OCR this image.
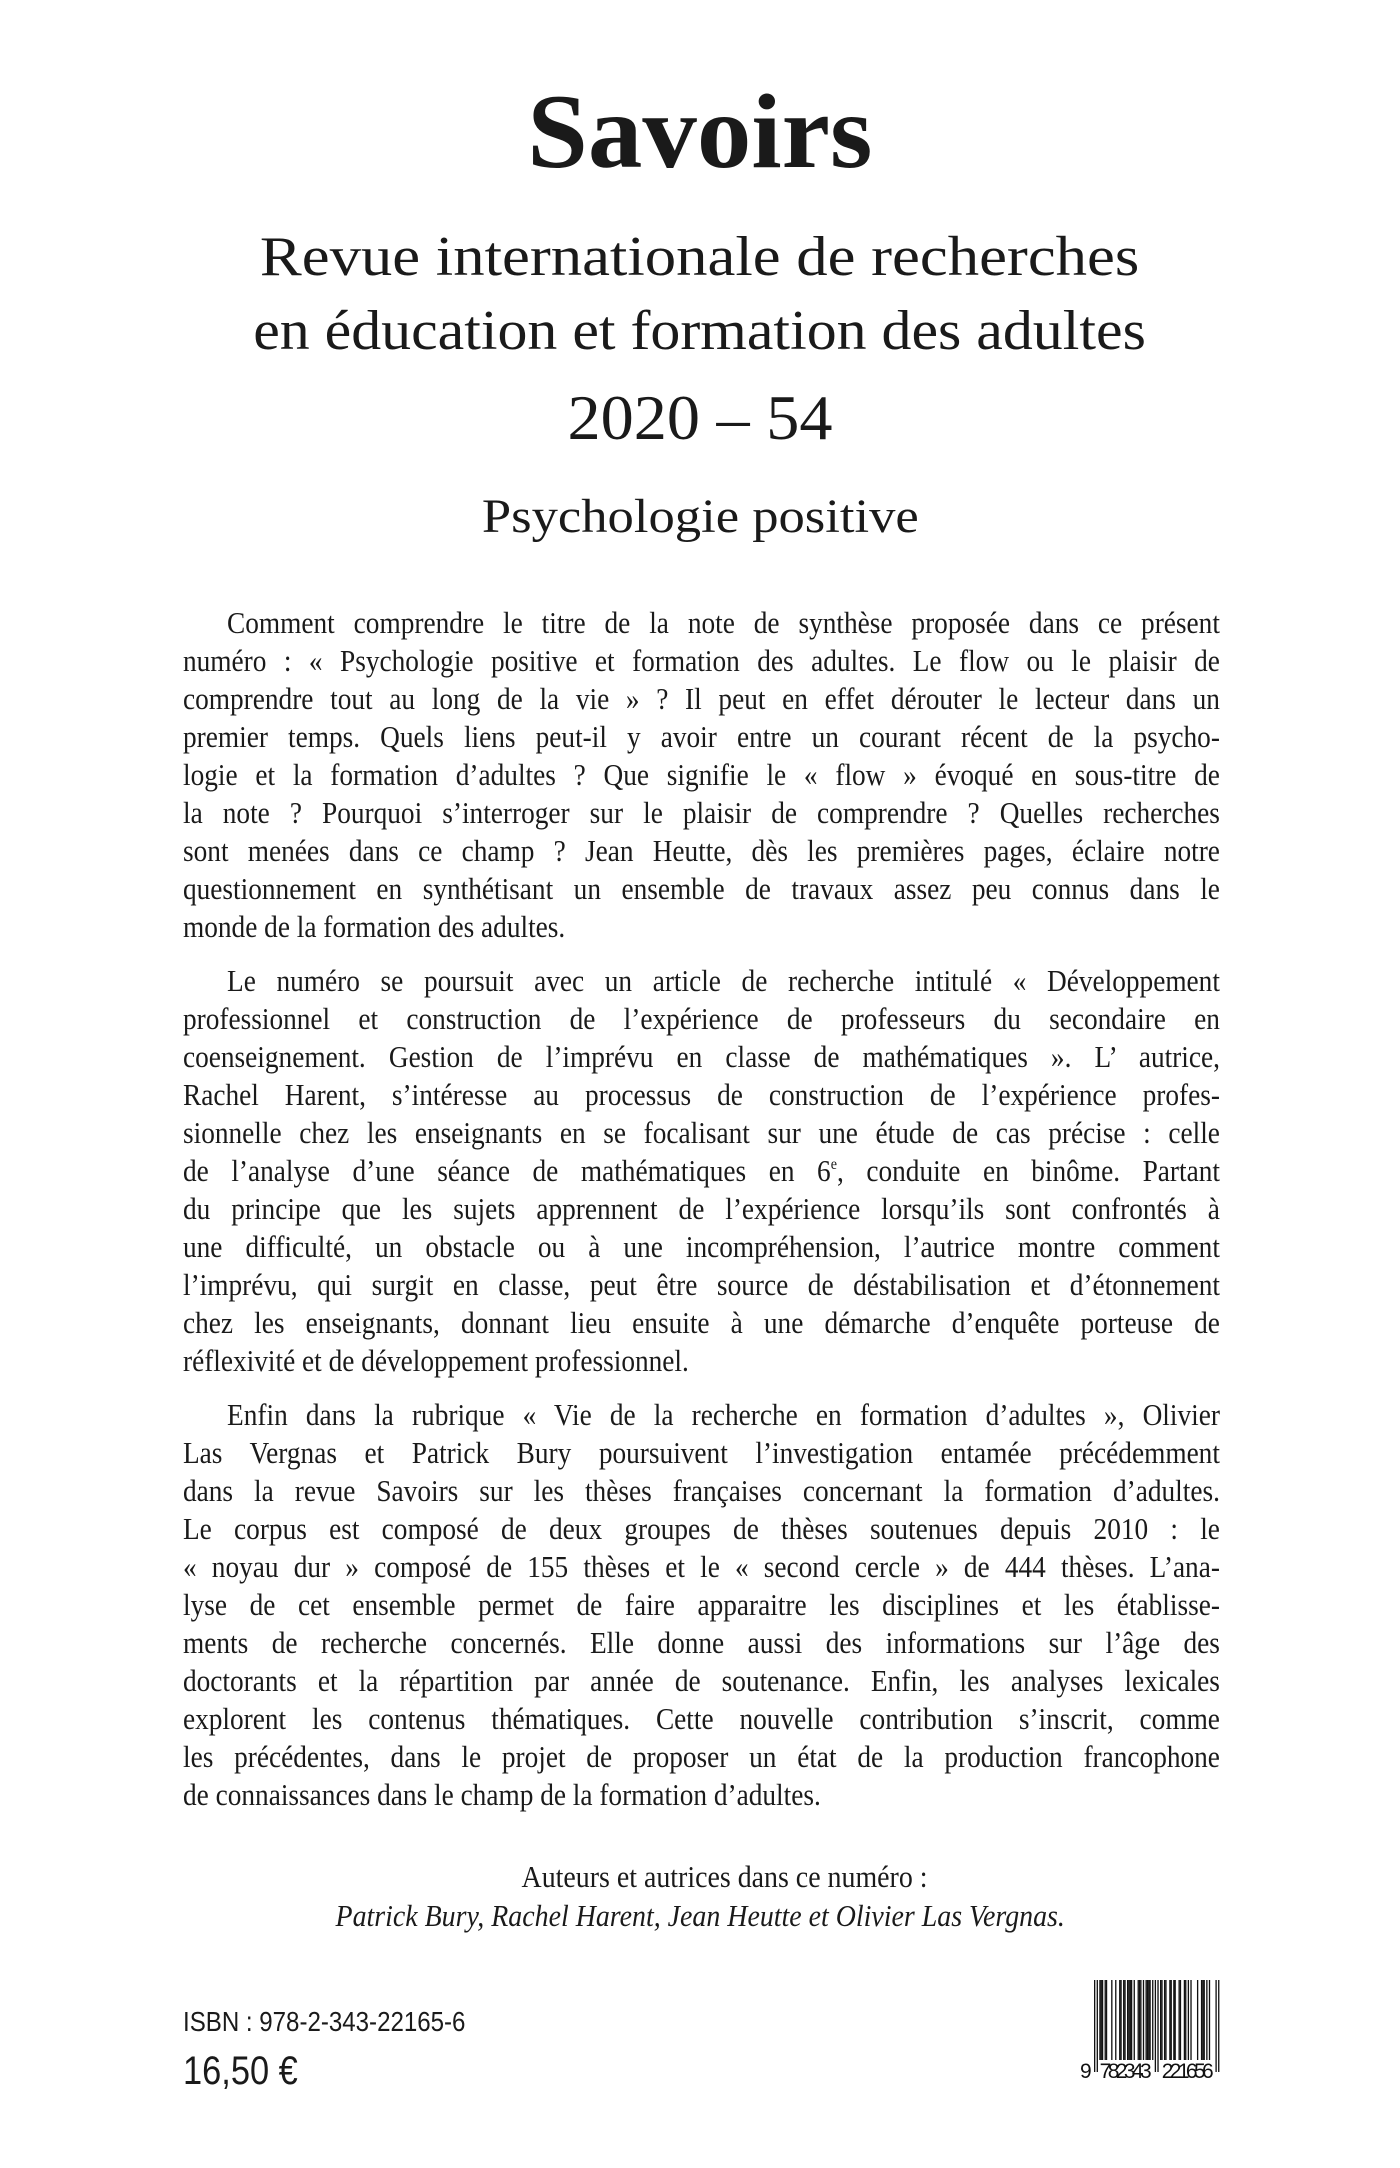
Savoirs
Revue internationale de recherches
en éducation et formation des adultes
2020 – 54
Psychologie positive
Comment comprendre le titre de la note de synthèse proposée dans ce présent
numéro : « Psychologie positive et formation des adultes. Le flow ou le plaisir de
comprendre tout au long de la vie » ? Il peut en effet dérouter le lecteur dans un
premier temps. Quels liens peut-il y avoir entre un courant récent de la psycho-
logie et la formation d’adultes ? Que signifie le « flow » évoqué en sous-titre de
la note ? Pourquoi s’interroger sur le plaisir de comprendre ? Quelles recherches
sont menées dans ce champ ? Jean Heutte, dès les premières pages, éclaire notre
questionnement en synthétisant un ensemble de travaux assez peu connus dans le
monde de la formation des adultes.
Le numéro se poursuit avec un article de recherche intitulé « Développement
professionnel et construction de l’expérience de professeurs du secondaire en
coenseignement. Gestion de l’imprévu en classe de mathématiques ». L’ autrice,
Rachel Harent, s’intéresse au processus de construction de l’expérience profes-
sionnelle chez les enseignants en se focalisant sur une étude de cas précise : celle
de l’analyse d’une séance de mathématiques en 6e, conduite en binôme. Partant
du principe que les sujets apprennent de l’expérience lorsqu’ils sont confrontés à
une difficulté, un obstacle ou à une incompréhension, l’autrice montre comment
l’imprévu, qui surgit en classe, peut être source de déstabilisation et d’étonnement
chez les enseignants, donnant lieu ensuite à une démarche d’enquête porteuse de
réflexivité et de développement professionnel.
Enfin dans la rubrique « Vie de la recherche en formation d’adultes », Olivier
Las Vergnas et Patrick Bury poursuivent l’investigation entamée précédemment
dans la revue Savoirs sur les thèses françaises concernant la formation d’adultes.
Le corpus est composé de deux groupes de thèses soutenues depuis 2010 : le
« noyau dur » composé de 155 thèses et le « second cercle » de 444 thèses. L’ana-
lyse de cet ensemble permet de faire apparaitre les disciplines et les établisse-
ments de recherche concernés. Elle donne aussi des informations sur l’âge des
doctorants et la répartition par année de soutenance. Enfin, les analyses lexicales
explorent les contenus thématiques. Cette nouvelle contribution s’inscrit, comme
les précédentes, dans le projet de proposer un état de la production francophone
de connaissances dans le champ de la formation d’adultes.
Auteurs et autrices dans ce numéro :
Patrick Bury, Rachel Harent, Jean Heutte et Olivier Las Vergnas.
ISBN : 978-2-343-22165-6
16,50 €	9 782343 221656
